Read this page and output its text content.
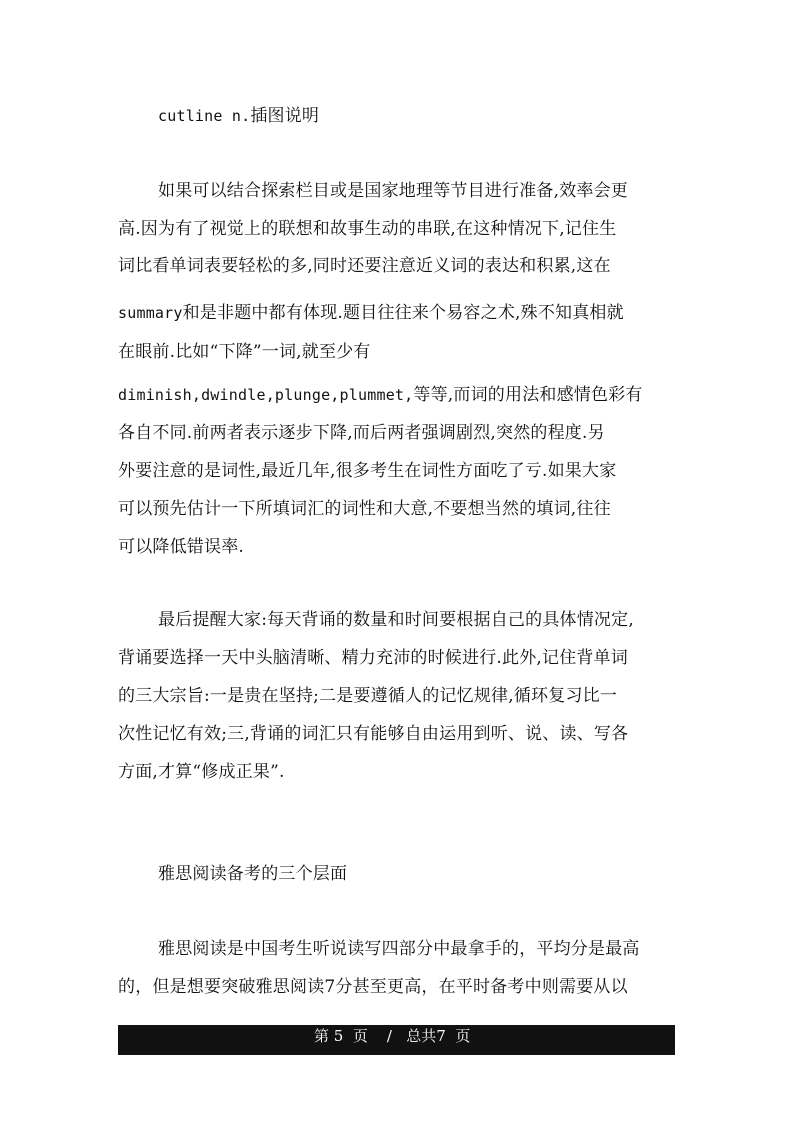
cutline n.插图说明
如果可以结合探索栏目或是国家地理等节目进行准备,效率会更
高.因为有了视觉上的联想和故事生动的串联,在这种情况下,记住生
词比看单词表要轻松的多,同时还要注意近义词的表达和积累,这在
summary和是非题中都有体现.题目往往来个易容之术,殊不知真相就
在眼前.比如“下降”一词,就至少有
diminish,dwindle,plunge,plummet,等等,而词的用法和感情色彩有
各自不同.前两者表示逐步下降,而后两者强调剧烈,突然的程度.另
外要注意的是词性,最近几年,很多考生在词性方面吃了亏.如果大家
可以预先估计一下所填词汇的词性和大意,不要想当然的填词,往往
可以降低错误率.
最后提醒大家:每天背诵的数量和时间要根据自己的具体情况定,
背诵要选择一天中头脑清晰、精力充沛的时候进行.此外,记住背单词
的三大宗旨:一是贵在坚持;二是要遵循人的记忆规律,循环复习比一
次性记忆有效;三,背诵的词汇只有能够自由运用到听、说、读、写各
方面,才算“修成正果”.
雅思阅读备考的三个层面
雅思阅读是中国考生听说读写四部分中最拿手的，平均分是最高
的，但是想要突破雅思阅读7分甚至更高，在平时备考中则需要从以
第 5  页    /   总共7  页
